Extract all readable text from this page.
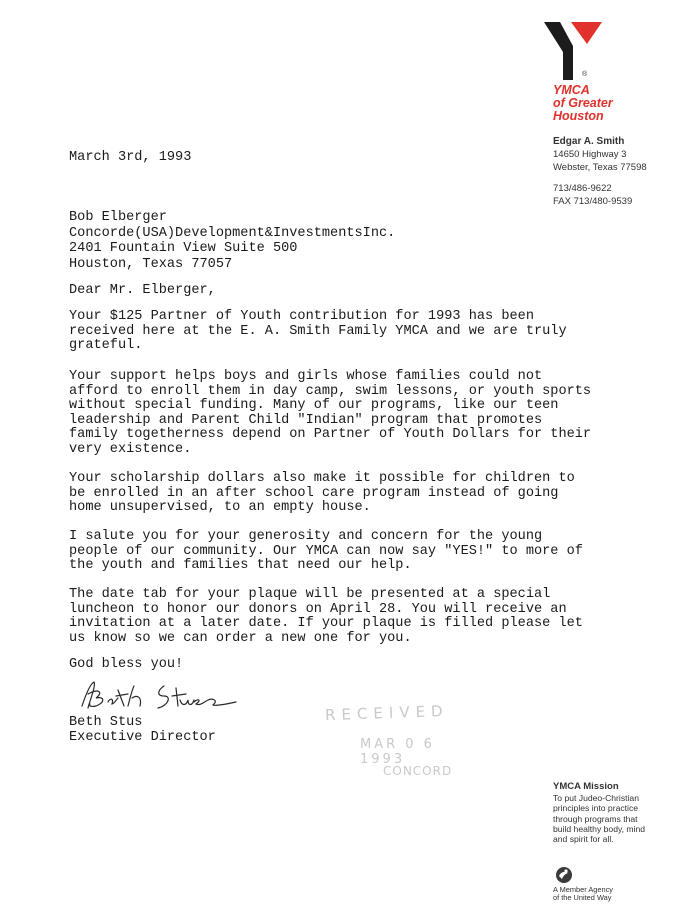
®
YMCA
of Greater
Houston
Edgar A. Smith
14650 Highway 3
Webster, Texas 77598
713/486-9622
FAX 713/480-9539
March 3rd, 1993
Bob Elberger
Concorde(USA)Development&InvestmentsInc.
2401 Fountain View Suite 500
Houston, Texas 77057
Dear Mr. Elberger,

Your $125 Partner of Youth contribution for 1993 has been
received here at the E. A. Smith Family YMCA and we are truly
grateful.

Your support helps boys and girls whose families could not
afford to enroll them in day camp, swim lessons, or youth sports
without special funding. Many of our programs, like our teen
leadership and Parent Child "Indian" program that promotes
family togetherness depend on Partner of Youth Dollars for their
very existence.

Your scholarship dollars also make it possible for children to
be enrolled in an after school care program instead of going
home unsupervised, to an empty house.

I salute you for your generosity and concern for the young
people of our community. Our YMCA can now say "YES!" to more of
the youth and families that need our help.

The date tab for your plaque will be presented at a special
luncheon to honor our donors on April 28. You will receive an
invitation at a later date. If your plaque is filled please let
us know so we can order a new one for you.

God bless you!
Beth Stus
Executive Director
RECEIVED
MAR 0 6 1993
CONCORD
YMCA Mission
To put Judeo-Christian
principles into practice
through programs that
build healthy body, mind
and spirit for all.
A Member Agency
of the United Way
